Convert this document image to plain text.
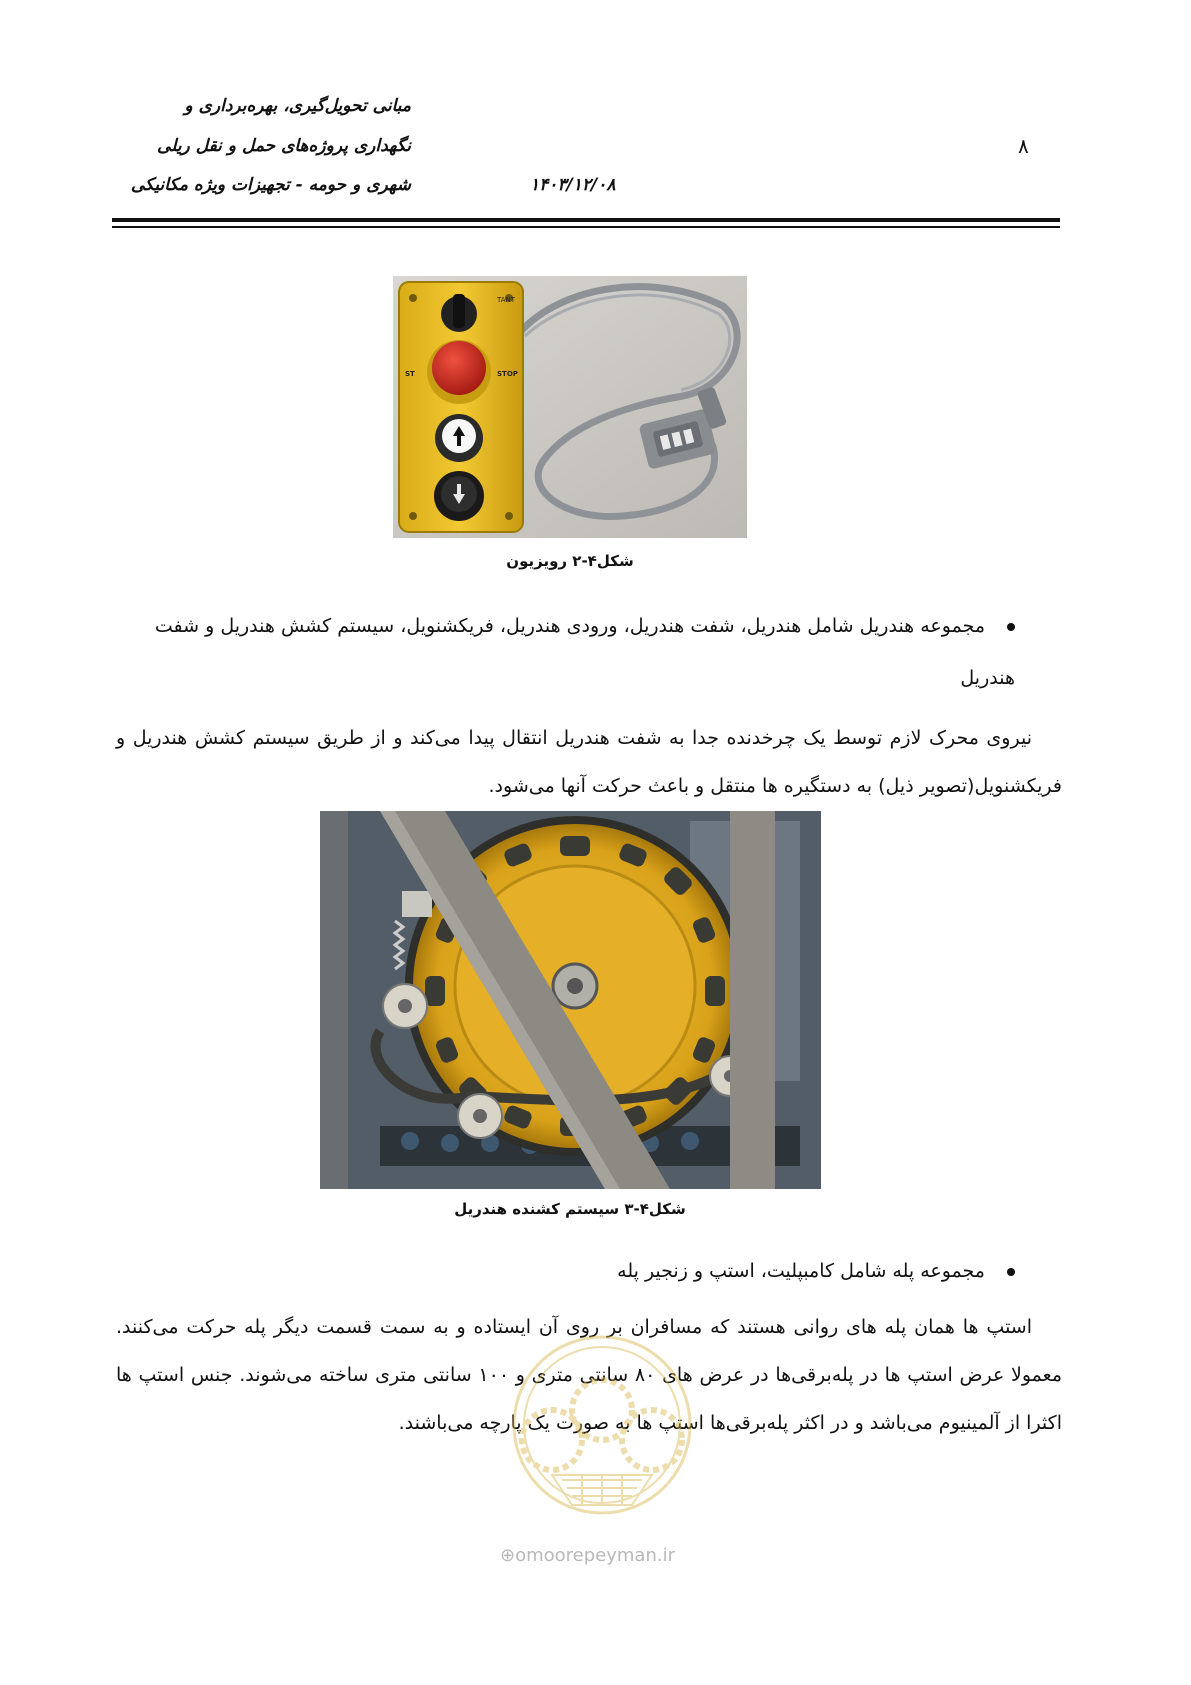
مبانی تحویل‌گیری، بهره‌برداری و
نگهداری پروژه‌های حمل و نقل ریلی
شهری و حومه - تجهیزات ویژه مکانیکی	۱۴۰۳/۱۲/۰۸
۸
TANT
ST	STOP
شکل۴-۲ رویزیون
مجموعه هندریل شامل هندریل، شفت هندریل، ورودی هندریل، فریکشنویل، سیستم کشش هندریل و شفت
هندریل
نیروی محرک لازم توسط یک چرخدنده جدا به شفت هندریل انتقال پیدا می‌کند و از طریق سیستم کشش هندریل و فریکشنویل(تصویر ذیل) به دستگیره ها منتقل و باعث حرکت آنها می‌شود.
شکل۴-۳ سیستم کشنده هندریل
مجموعه پله شامل کامبپلیت، استپ و زنجیر پله
استپ ها همان پله های روانی هستند که مسافران بر روی آن ایستاده و به سمت قسمت دیگر پله حرکت می‌کنند. معمولا عرض استپ ها در پله‌برقی‌ها در عرض های ۸۰ سانتی متری و ۱۰۰ سانتی متری ساخته می‌شوند. جنس استپ ها اکثرا از آلمینیوم می‌باشد و در اکثر پله‌برقی‌ها استپ ها به صورت یک پارچه می‌باشند.
⊕omoorepeyman.ir
